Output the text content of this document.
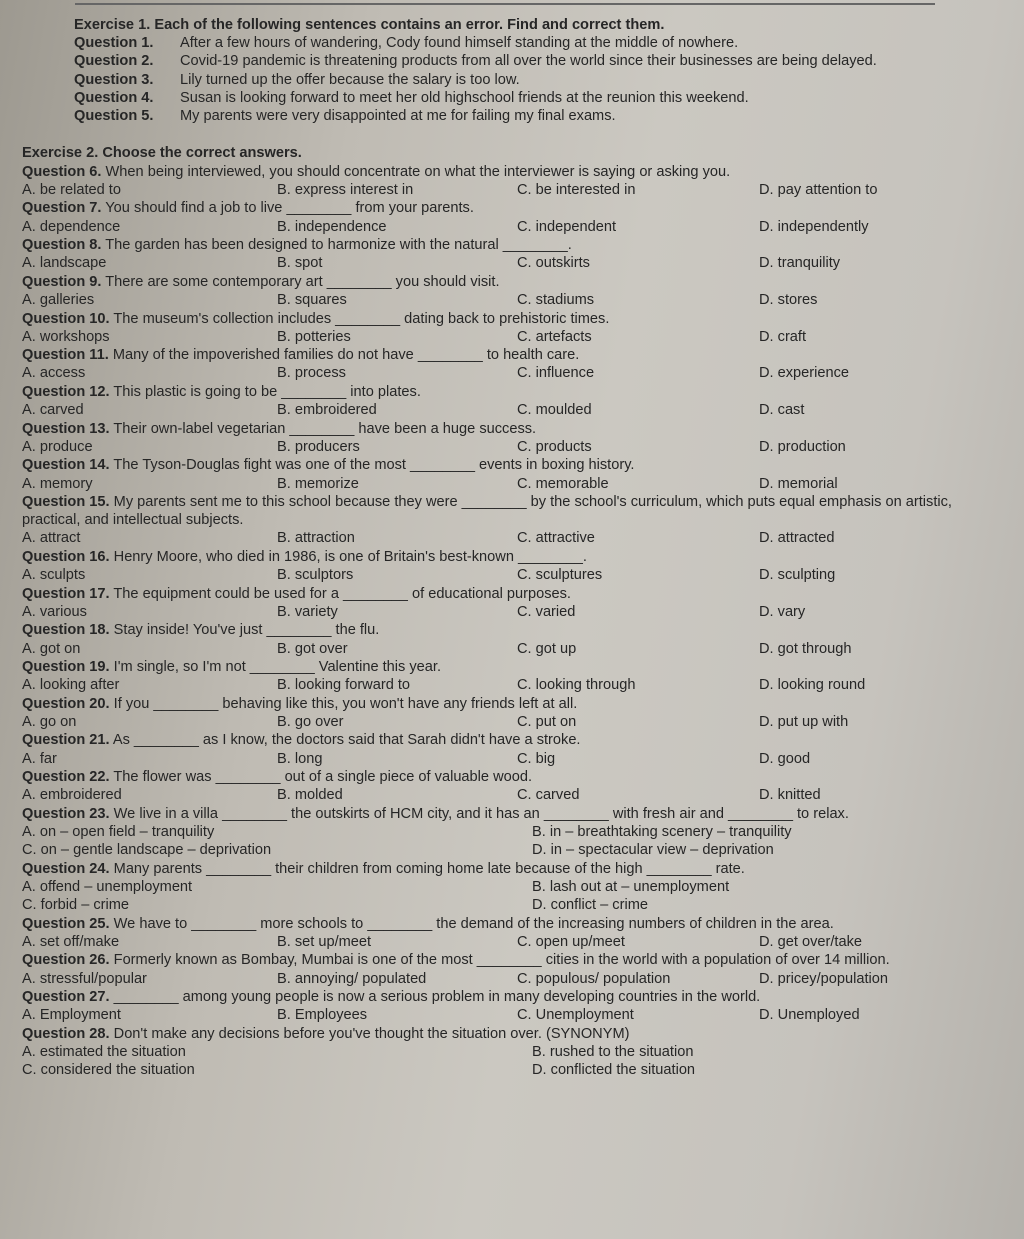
Exercise 1. Each of the following sentences contains an error. Find and correct them.
Question 1.	After a few hours of wandering, Cody found himself standing at the middle of nowhere.
Question 2.	Covid-19 pandemic is threatening products from all over the world since their businesses are being delayed.
Question 3.	Lily turned up the offer because the salary is too low.
Question 4.	Susan is looking forward to meet her old highschool friends at the reunion this weekend.
Question 5.	My parents were very disappointed at me for failing my final exams.
Exercise 2. Choose the correct answers.
Question 6. When being interviewed, you should concentrate on what the interviewer is saying or asking you.
A. be related to	B. express interest in	C. be interested in	D. pay attention to
Question 7. You should find a job to live ________ from your parents.
A. dependence	B. independence	C. independent	D. independently
Question 8. The garden has been designed to harmonize with the natural ________.
A. landscape	B. spot	C. outskirts	D. tranquility
Question 9. There are some contemporary art ________ you should visit.
A. galleries	B. squares	C. stadiums	D. stores
Question 10. The museum's collection includes ________ dating back to prehistoric times.
A. workshops	B. potteries	C. artefacts	D. craft
Question 11. Many of the impoverished families do not have ________ to health care.
A. access	B. process	C. influence	D. experience
Question 12. This plastic is going to be ________ into plates.
A. carved	B. embroidered	C. moulded	D. cast
Question 13. Their own-label vegetarian ________ have been a huge success.
A. produce	B. producers	C. products	D. production
Question 14. The Tyson-Douglas fight was one of the most ________ events in boxing history.
A. memory	B. memorize	C. memorable	D. memorial
Question 15. My parents sent me to this school because they were ________ by the school's curriculum, which puts equal emphasis on artistic, practical, and intellectual subjects.
A. attract	B. attraction	C. attractive	D. attracted
Question 16. Henry Moore, who died in 1986, is one of Britain's best-known ________.
A. sculpts	B. sculptors	C. sculptures	D. sculpting
Question 17. The equipment could be used for a ________ of educational purposes.
A. various	B. variety	C. varied	D. vary
Question 18. Stay inside! You've just ________ the flu.
A. got on	B. got over	C. got up	D. got through
Question 19. I'm single, so I'm not ________ Valentine this year.
A. looking after	B. looking forward to	C. looking through	D. looking round
Question 20. If you ________ behaving like this, you won't have any friends left at all.
A. go on	B. go over	C. put on	D. put up with
Question 21. As ________ as I know, the doctors said that Sarah didn't have a stroke.
A. far	B. long	C. big	D. good
Question 22. The flower was ________ out of a single piece of valuable wood.
A. embroidered	B. molded	C. carved	D. knitted
Question 23. We live in a villa ________ the outskirts of HCM city, and it has an ________ with fresh air and ________ to relax.
A. on – open field – tranquility	B. in – breathtaking scenery – tranquility
C. on – gentle landscape – deprivation	D. in – spectacular view – deprivation
Question 24. Many parents ________ their children from coming home late because of the high ________ rate.
A. offend – unemployment	B. lash out at – unemployment
C. forbid – crime	D. conflict – crime
Question 25. We have to ________ more schools to ________ the demand of the increasing numbers of children in the area.
A. set off/make	B. set up/meet	C. open up/meet	D. get over/take
Question 26. Formerly known as Bombay, Mumbai is one of the most ________ cities in the world with a population of over 14 million.
A. stressful/popular	B. annoying/ populated	C. populous/ population	D. pricey/population
Question 27. ________ among young people is now a serious problem in many developing countries in the world.
A. Employment	B. Employees	C. Unemployment	D. Unemployed
Question 28. Don't make any decisions before you've thought the situation over. (SYNONYM)
A. estimated the situation	B. rushed to the situation
C. considered the situation	D. conflicted the situation
